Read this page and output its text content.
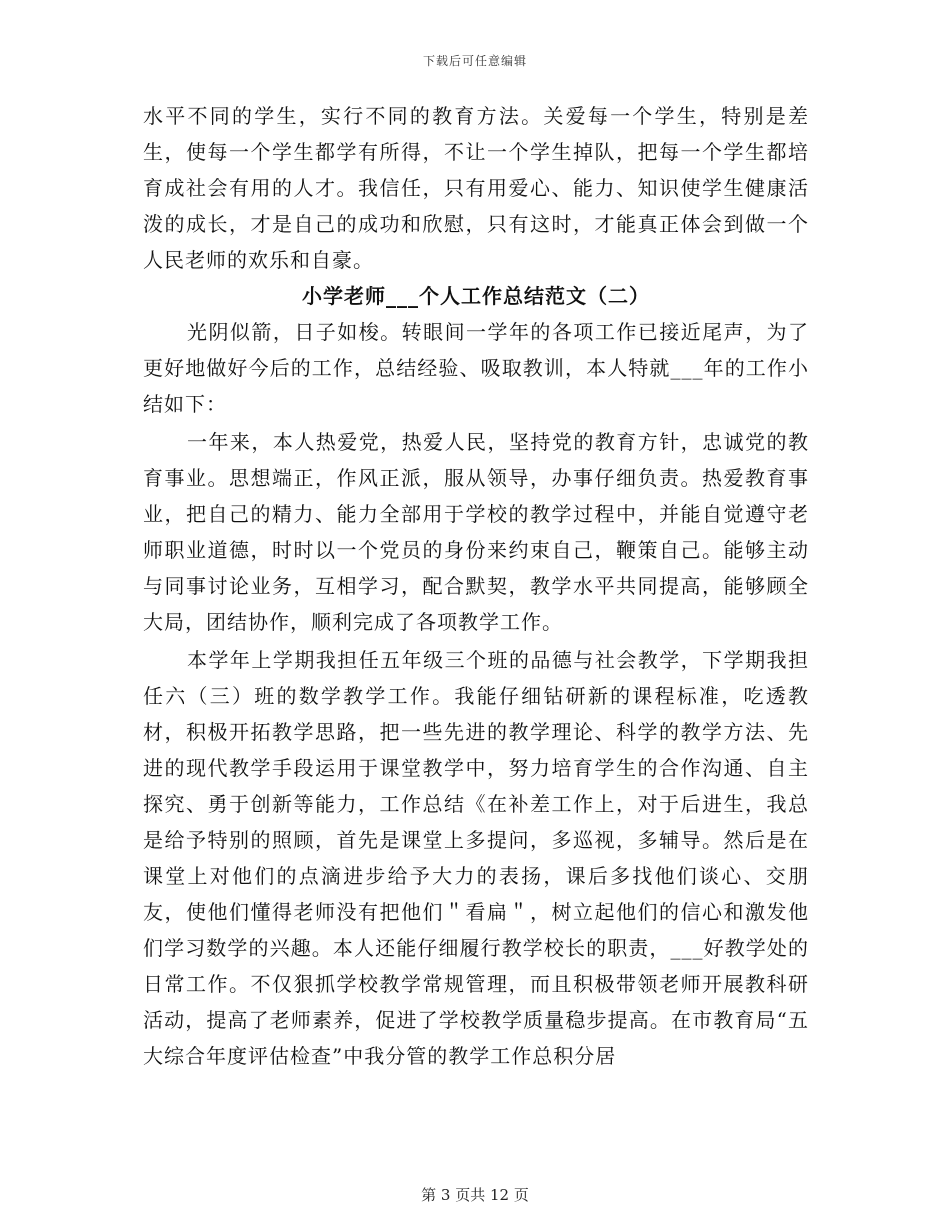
下载后可任意编辑

水平不同的学生，实行不同的教育方法。关爱每一个学生，特别是差生，使每一个学生都学有所得，不让一个学生掉队，把每一个学生都培育成社会有用的人才。我信任，只有用爱心、能力、知识使学生健康活泼的成长，才是自己的成功和欣慰，只有这时，才能真正体会到做一个人民老师的欢乐和自豪。

小学老师___个人工作总结范文（二）

光阴似箭，日子如梭。转眼间一学年的各项工作已接近尾声，为了更好地做好今后的工作，总结经验、吸取教训，本人特就___年的工作小结如下：

一年来，本人热爱党，热爱人民，坚持党的教育方针，忠诚党的教育事业。思想端正，作风正派，服从领导，办事仔细负责。热爱教育事业，把自己的精力、能力全部用于学校的教学过程中，并能自觉遵守老师职业道德，时时以一个党员的身份来约束自己，鞭策自己。能够主动与同事讨论业务，互相学习，配合默契，教学水平共同提高，能够顾全大局，团结协作，顺利完成了各项教学工作。

本学年上学期我担任五年级三个班的品德与社会教学，下学期我担任六（三）班的数学教学工作。我能仔细钻研新的课程标准，吃透教材，积极开拓教学思路，把一些先进的教学理论、科学的教学方法、先进的现代教学手段运用于课堂教学中，努力培育学生的合作沟通、自主探究、勇于创新等能力，工作总结《在补差工作上，对于后进生，我总是给予特别的照顾，首先是课堂上多提问，多巡视，多辅导。然后是在课堂上对他们的点滴进步给予大力的表扬，课后多找他们谈心、交朋友，使他们懂得老师没有把他们＂看扁＂，树立起他们的信心和激发他们学习数学的兴趣。本人还能仔细履行教学校长的职责，___好教学处的日常工作。不仅狠抓学校教学常规管理，而且积极带领老师开展教科研活动，提高了老师素养，促进了学校教学质量稳步提高。在市教育局“五大综合年度评估检查”中我分管的教学工作总积分居

第 3 页共 12 页
